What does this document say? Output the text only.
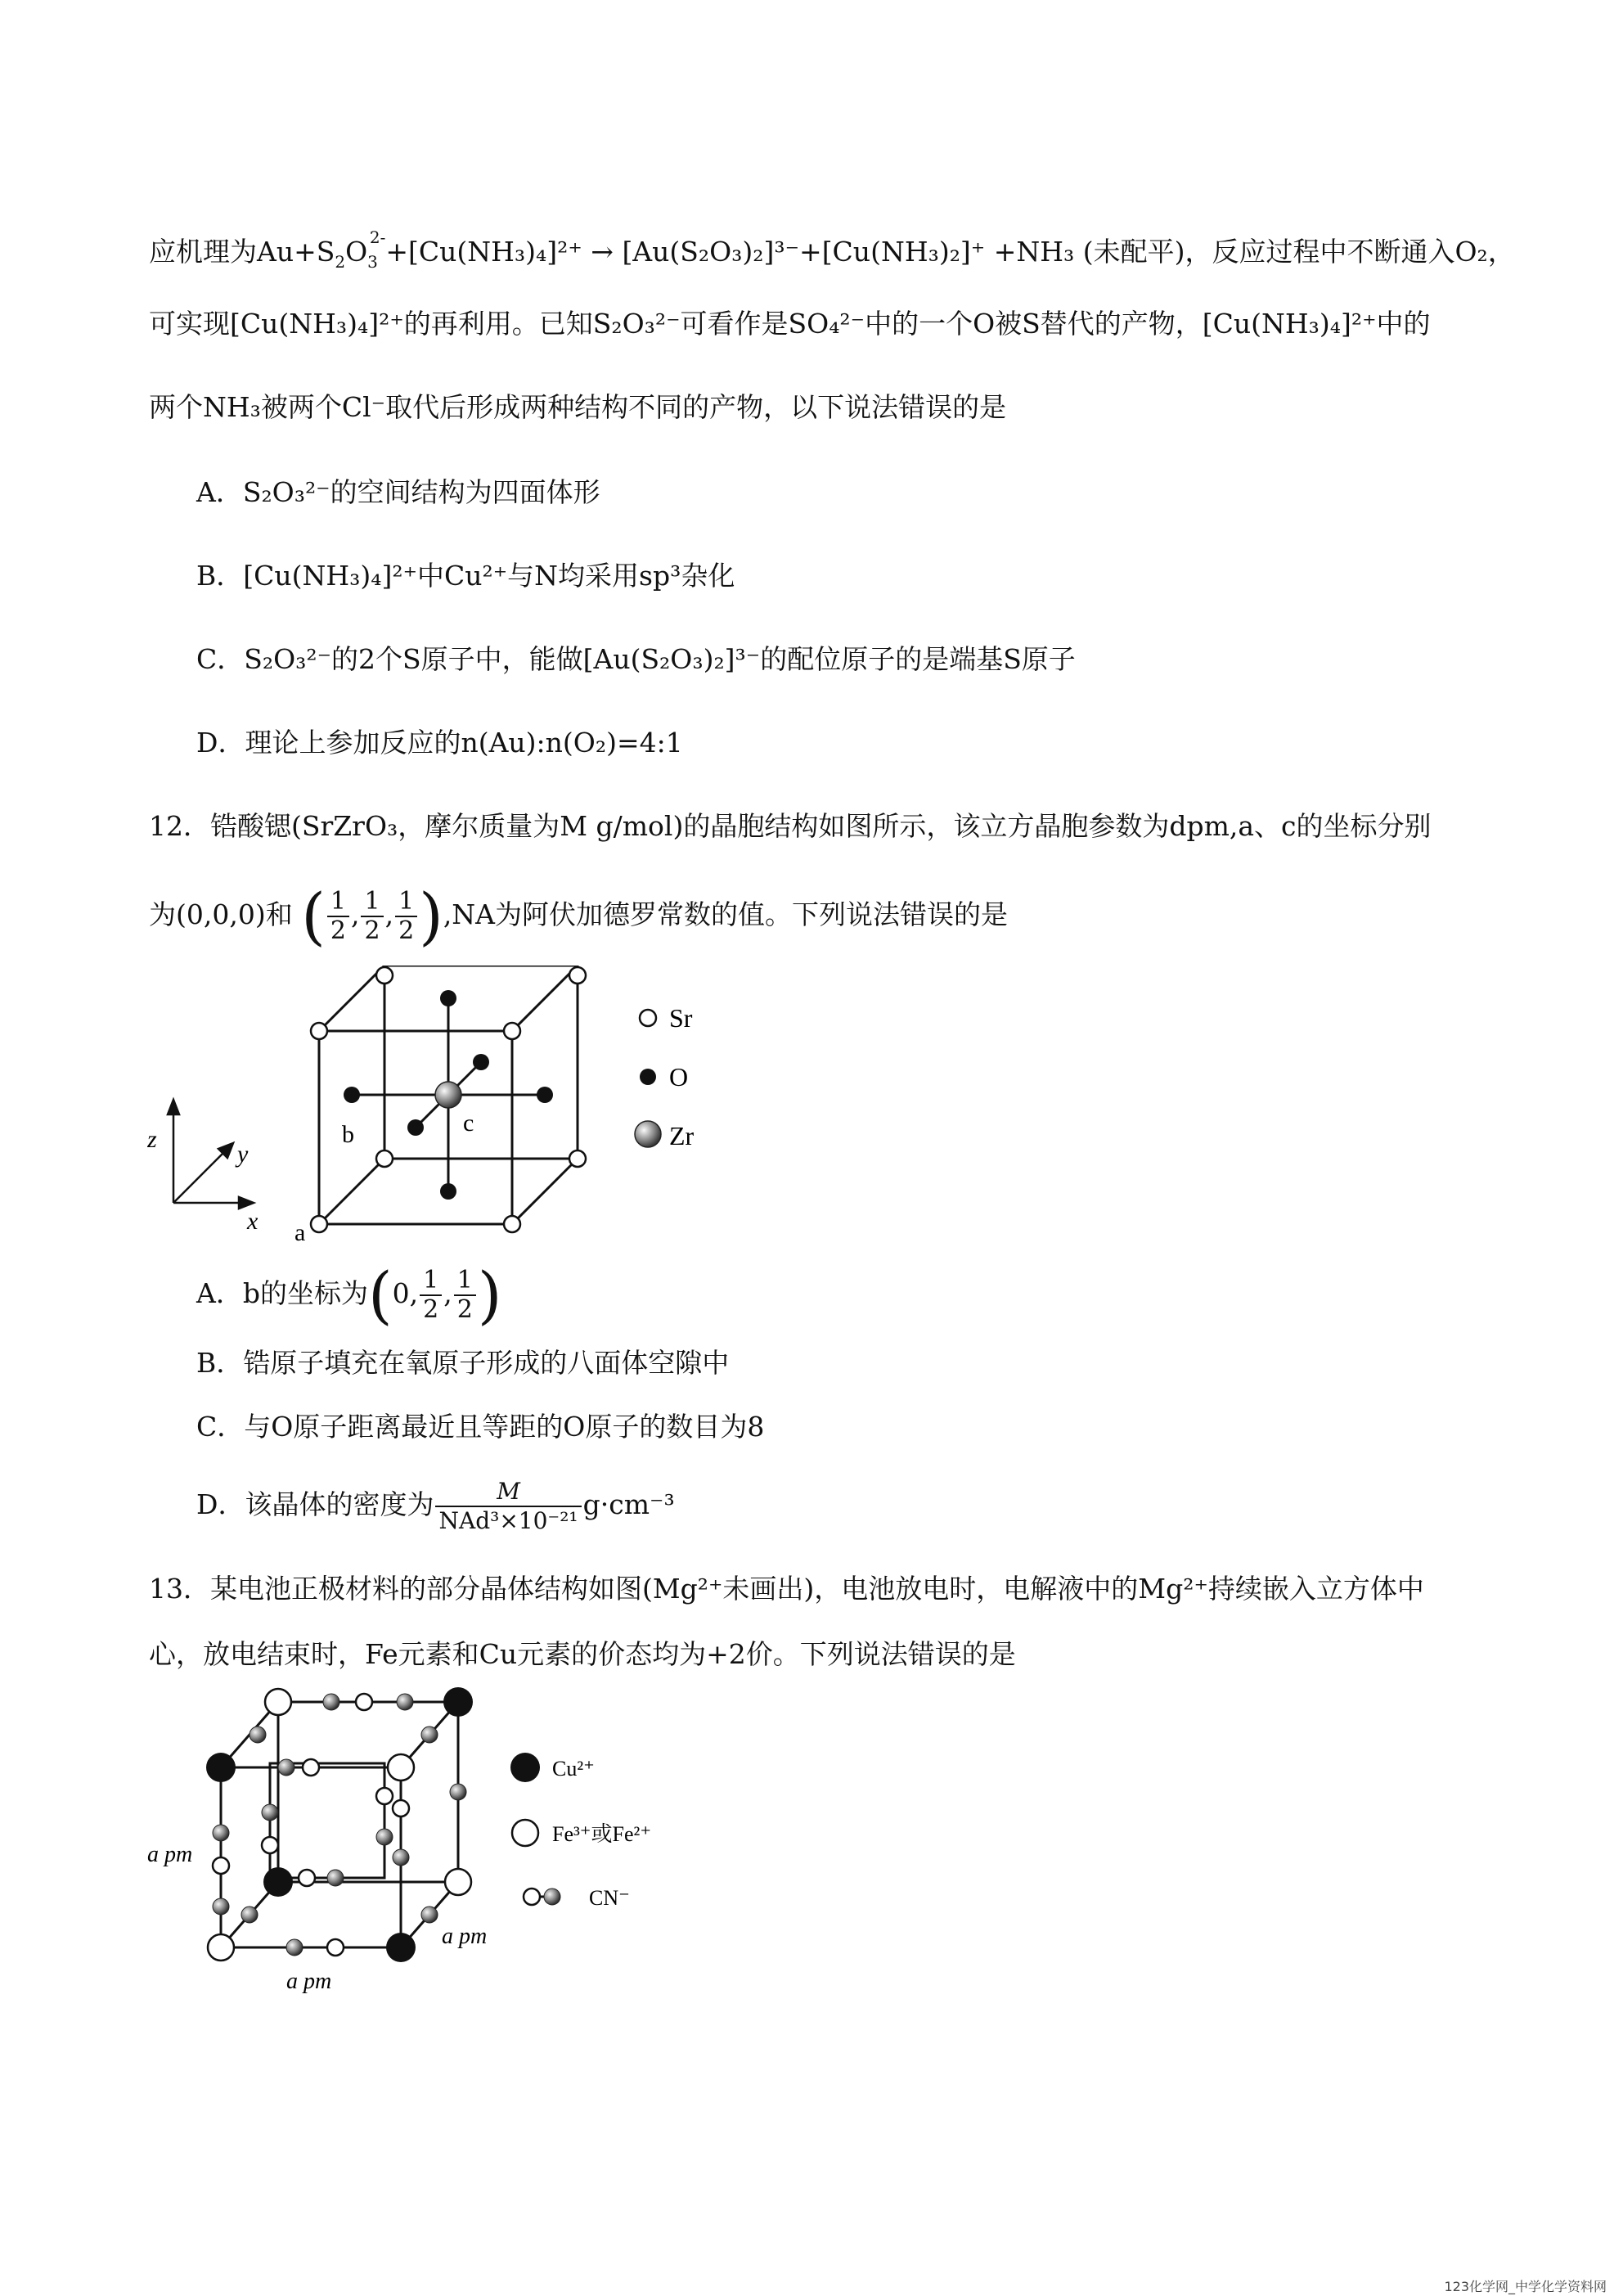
应机理为$Au+S_2O_3^{2-}+[Cu(NH_3)_4]^{2+} \to [Au(S_2O_3)_2]^{3-}+[Cu(NH_3)_2]^+ +NH_3$ (未配平)，反应过程中不断通入O₂，
可实现[Cu(NH₃)₄]²⁺的再利用。已知S₂O₃²⁻可看作是SO₄²⁻中的一个O被S替代的产物，[Cu(NH₃)₄]²⁺中的
两个NH₃被两个Cl⁻取代后形成两种结构不同的产物，以下说法错误的是
A．S₂O₃²⁻的空间结构为四面体形
B．[Cu(NH₃)₄]²⁺中Cu²⁺与N均采用sp³杂化
C．S₂O₃²⁻的2个S原子中，能做[Au(S₂O₃)₂]³⁻的配位原子的是端基S原子
D．理论上参加反应的n(Au):n(O₂)=4:1
12．锆酸锶(SrZrO₃，摩尔质量为M g/mol)的晶胞结构如图所示，该立方晶胞参数为dpm,a、c的坐标分别
为(0,0,0)和 ( $\frac{1}{2}$ , $\frac{1}{2}$ , $\frac{1}{2} ),NA$为阿伏加德罗常数的值。下列说法错误的是
b	c
a
z
y
x
Sr
O
Zr
A．b的坐标为(0, $\frac{1}{2}$ , $\frac{1}{2}$ )
B．锆原子填充在氧原子形成的八面体空隙中
C．与O原子距离最近且等距的O原子的数目为8
D．该晶体的密度为 $\frac{M}{\text{NAd³×10⁻²¹}} g\cdot cm^{-3}$
13．某电池正极材料的部分晶体结构如图(Mg²⁺未画出)，电池放电时，电解液中的Mg²⁺持续嵌入立方体中
心，放电结束时，Fe元素和Cu元素的价态均为+2价。下列说法错误的是
a pm
a pm
a pm
Cu²⁺
Fe³⁺或Fe²⁺
CN⁻
123化学网_中学化学资料网
